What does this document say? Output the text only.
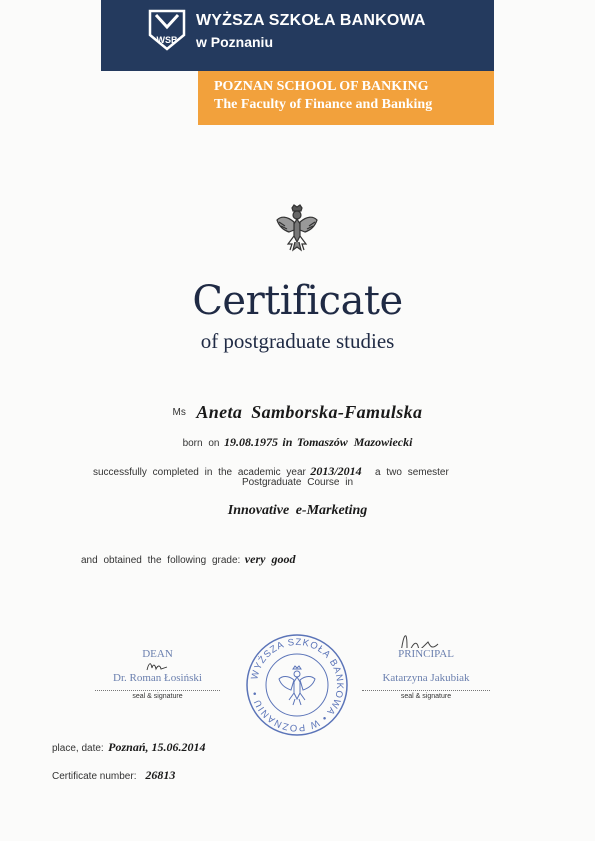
WSB
WYŻSZA SZKOŁA BANKOWA
w Poznaniu
POZNAN SCHOOL OF BANKING
The Faculty of Finance and Banking
Certificate
of postgraduate studies
Ms Aneta Samborska-Famulska
born on 19.08.1975 in Tomaszów Mazowiecki
successfully completed in the academic year 2013/2014 a two semester
Postgraduate Course in
Innovative e-Marketing
and obtained the following grade: very good
DEAN
Dr. Roman Łosiński
seal & signature
WYŻSZA SZKOŁA BANKOWA • W POZNANIU •
PRINCIPAL
Katarzyna Jakubiak
seal & signature
place, date: Poznań, 15.06.2014
Certificate number: 26813
